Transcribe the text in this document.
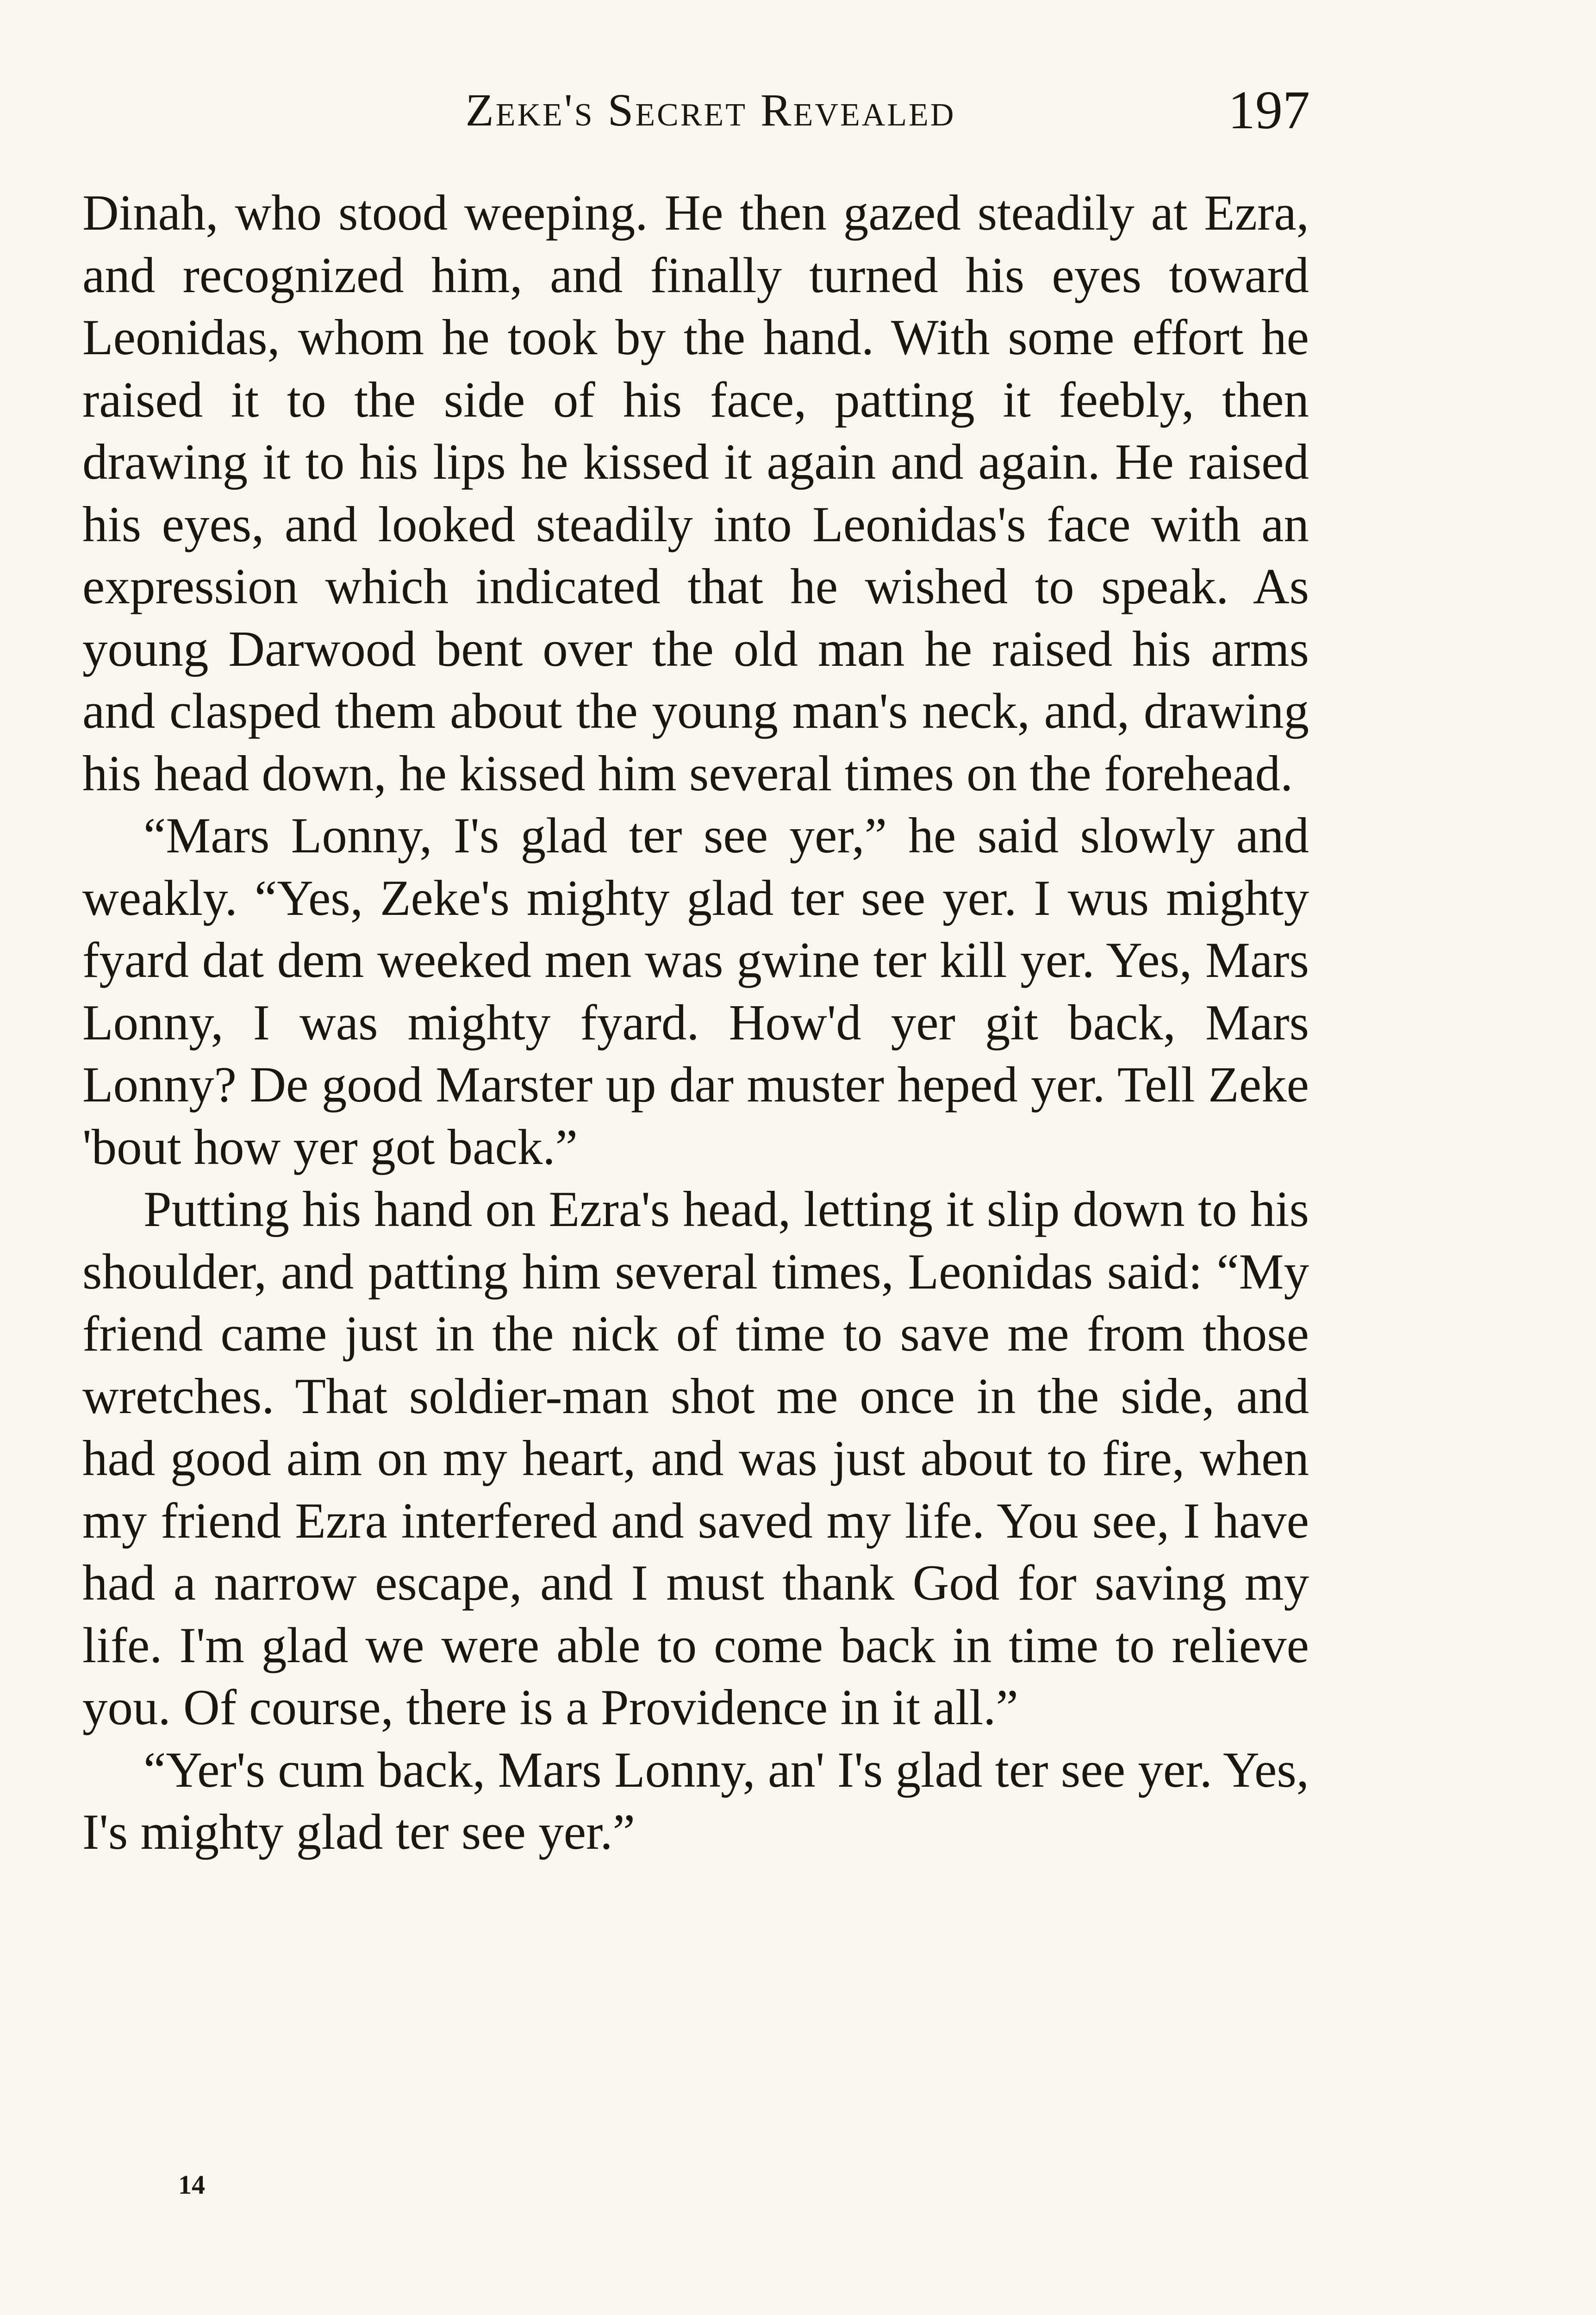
Zeke's Secret Revealed	197

Dinah, who stood weeping. He then gazed steadily at Ezra, and recognized him, and finally turned his eyes toward Leonidas, whom he took by the hand. With some effort he raised it to the side of his face, patting it feebly, then drawing it to his lips he kissed it again and again. He raised his eyes, and looked steadily into Leonidas's face with an expression which indicated that he wished to speak. As young Darwood bent over the old man he raised his arms and clasped them about the young man's neck, and, drawing his head down, he kissed him several times on the forehead.

“Mars Lonny, I's glad ter see yer,” he said slowly and weakly. “Yes, Zeke's mighty glad ter see yer. I wus mighty fyard dat dem weeked men was gwine ter kill yer. Yes, Mars Lonny, I was mighty fyard. How'd yer git back, Mars Lonny? De good Marster up dar muster heped yer. Tell Zeke 'bout how yer got back.”

Putting his hand on Ezra's head, letting it slip down to his shoulder, and patting him several times, Leonidas said: “My friend came just in the nick of time to save me from those wretches. That soldier-man shot me once in the side, and had good aim on my heart, and was just about to fire, when my friend Ezra interfered and saved my life. You see, I have had a narrow escape, and I must thank God for saving my life. I'm glad we were able to come back in time to relieve you. Of course, there is a Providence in it all.”

“Yer's cum back, Mars Lonny, an' I's glad ter see yer. Yes, I's mighty glad ter see yer.”

14
